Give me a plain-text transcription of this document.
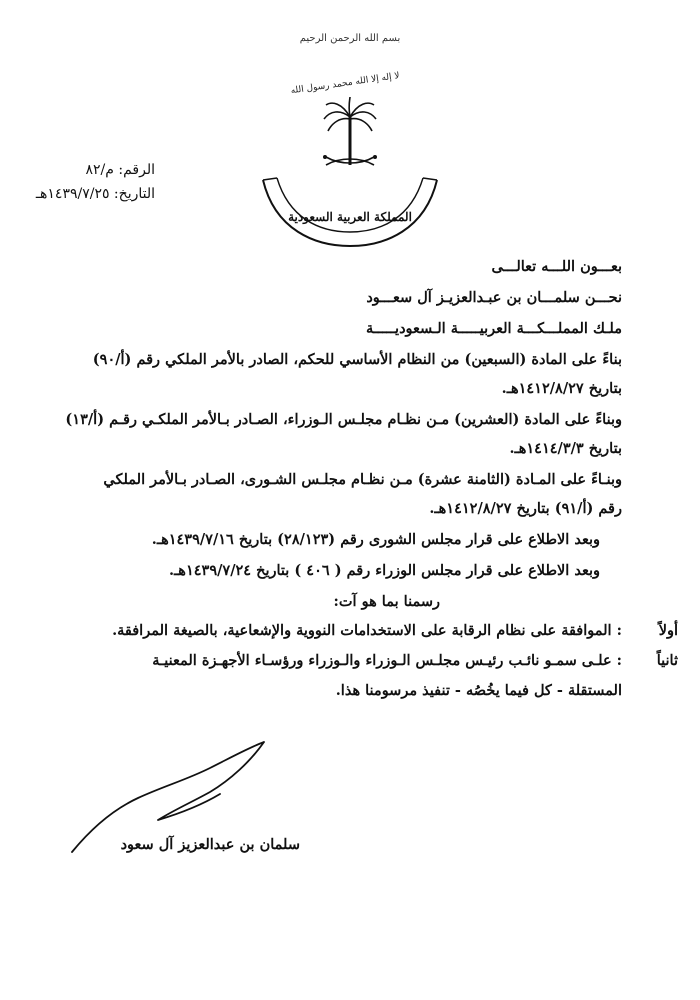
بسم الله الرحمن الرحيم
لا إله إلا الله محمد رسول الله
المملكة العربية السعودية
الرقم: م/٨٢
التاريخ: ١٤٣٩/٧/٢٥هـ
بعـــون اللـــه تعالـــى
نحـــن سلمـــان بن عبـدالعزيـز آل سعـــود
ملـك المملـــكـــة العربيـــــة الـسعوديـــــة
بناءً على المادة (السبعين) من النظام الأساسي للحكم، الصادر بالأمر الملكي رقم (أ/٩٠)
بتاريخ ١٤١٢/٨/٢٧هـ.
وبناءً على المادة (العشرين) مـن نظـام مجلـس الـوزراء، الصـادر بـالأمر الملكـي رقـم (أ/١٣)
بتاريخ ١٤١٤/٣/٣هـ.
وبنـاءً على المـادة (الثامنة عشرة) مـن نظـام مجلـس الشـورى، الصـادر بـالأمر الملكي
رقم (أ/٩١) بتاريخ ١٤١٢/٨/٢٧هـ.
وبعد الاطلاع على قرار مجلس الشورى رقم (٢٨/١٢٣) بتاريخ ١٤٣٩/٧/١٦هـ.
وبعد الاطلاع على قرار مجلس الوزراء رقم ( ٤٠٦ ) بتاريخ ١٤٣٩/٧/٢٤هـ.
رسمنا بما هو آت:
أولاً
: الموافقة على نظام الرقابة على الاستخدامات النووية والإشعاعية، بالصيغة المرافقة.
ثانياً
: علـى سمـو نائـب رئيـس مجلـس الـوزراء والـوزراء ورؤسـاء الأجهـزة المعنيـة
المستقلة - كل فيما يخُصُه - تنفيذ مرسومنا هذا.
سلمان بن عبدالعزيز آل سعود
